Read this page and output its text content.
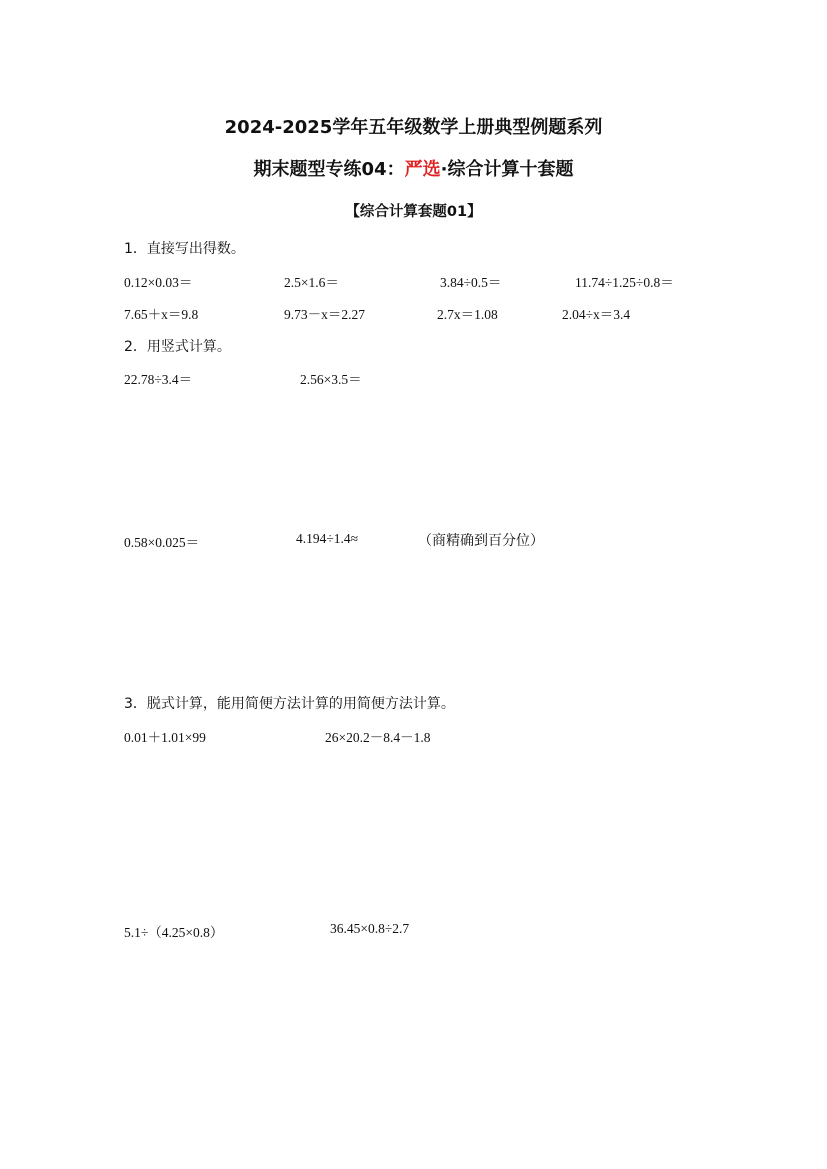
2024-2025学年五年级数学上册典型例题系列
期末题型专练04：严选·综合计算十套题
【综合计算套题01】
1．直接写出得数。
0.12×0.03＝	2.5×1.6＝	3.84÷0.5＝	11.74÷1.25÷0.8＝
7.65＋x＝9.8	9.73－x＝2.27	2.7x＝1.08	2.04÷x＝3.4
2．用竖式计算。
22.78÷3.4＝	2.56×3.5＝
0.58×0.025＝	4.194÷1.4≈	（商精确到百分位）
3．脱式计算，能用简便方法计算的用简便方法计算。
0.01＋1.01×99	26×20.2－8.4－1.8
5.1÷（4.25×0.8）	36.45×0.8÷2.7
